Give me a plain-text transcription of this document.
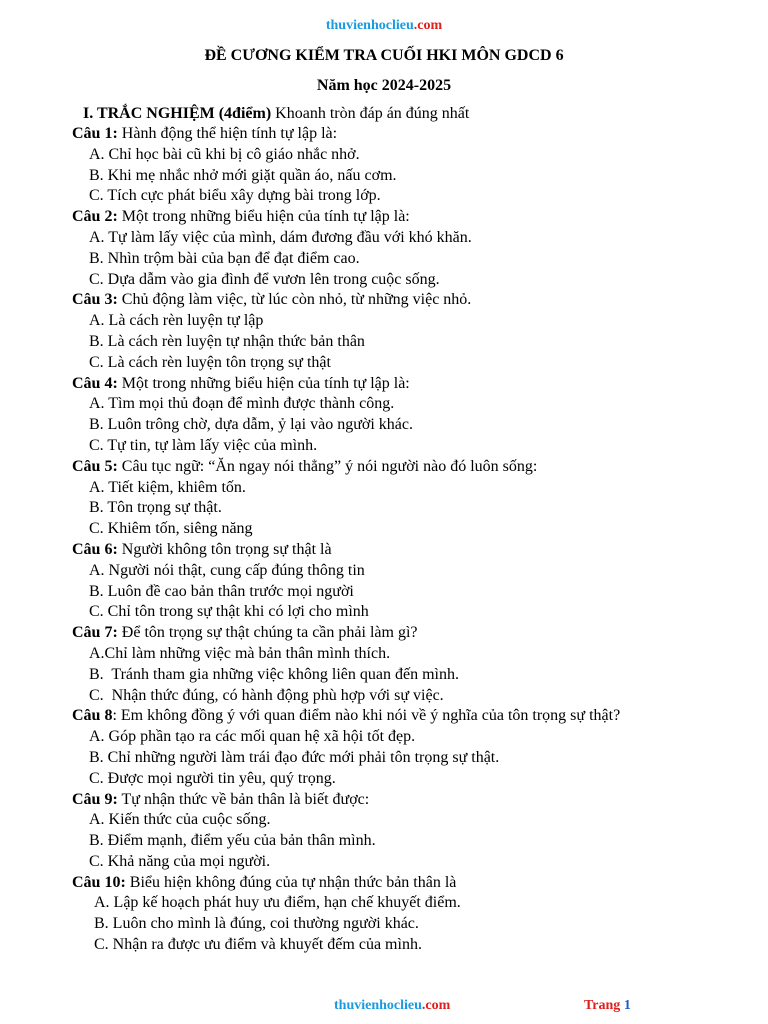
thuvienhoclieu.com
ĐỀ CƯƠNG KIỂM TRA CUỐI HKI MÔN GDCD 6
Năm học 2024-2025
I. TRẮC NGHIỆM (4điểm) Khoanh tròn đáp án đúng nhất
Câu 1: Hành động thể hiện tính tự lập là:
A. Chỉ học bài cũ khi bị cô giáo nhắc nhở.
B. Khi mẹ nhắc nhở mới giặt quần áo, nấu cơm.
C. Tích cực phát biểu xây dựng bài trong lớp.
Câu 2: Một trong những biểu hiện của tính tự lập là:
A. Tự làm lấy việc của mình, dám đương đầu với khó khăn.
B. Nhìn trộm bài của bạn để đạt điểm cao.
C. Dựa dẫm vào gia đình để vươn lên trong cuộc sống.
Câu 3: Chủ động làm việc, từ lúc còn nhỏ, từ những việc nhỏ.
A. Là cách rèn luyện tự lập
B. Là cách rèn luyện tự nhận thức bản thân
C. Là cách rèn luyện tôn trọng sự thật
Câu 4: Một trong những biểu hiện của tính tự lập là:
A. Tìm mọi thủ đoạn để mình được thành công.
B. Luôn trông chờ, dựa dẫm, ỷ lại vào người khác.
C. Tự tin, tự làm lấy việc của mình.
Câu 5: Câu tục ngữ: “Ăn ngay nói thẳng” ý nói người nào đó luôn sống:
A. Tiết kiệm, khiêm tốn.
B. Tôn trọng sự thật.
C. Khiêm tốn, siêng năng
Câu 6: Người không tôn trọng sự thật là
A. Người nói thật, cung cấp đúng thông tin
B. Luôn đề cao bản thân trước mọi người
C. Chỉ tôn trong sự thật khi có lợi cho mình
Câu 7: Để tôn trọng sự thật chúng ta cần phải làm gì?
A.Chỉ làm những việc mà bản thân mình thích.
B.  Tránh tham gia những việc không liên quan đến mình.
C.  Nhận thức đúng, có hành động phù hợp với sự việc.
Câu 8: Em không đồng ý với quan điểm nào khi nói về ý nghĩa của tôn trọng sự thật?
A. Góp phần tạo ra các mối quan hệ xã hội tốt đẹp.
B. Chỉ những người làm trái đạo đức mới phải tôn trọng sự thật.
C. Được mọi người tin yêu, quý trọng.
Câu 9: Tự nhận thức về bản thân là biết được:
A. Kiến thức của cuộc sống.
B. Điểm mạnh, điểm yếu của bản thân mình.
C. Khả năng của mọi người.
Câu 10: Biểu hiện không đúng của tự nhận thức bản thân là
A. Lập kế hoạch phát huy ưu điểm, hạn chế khuyết điểm.
B. Luôn cho mình là đúng, coi thường người khác.
C. Nhận ra được ưu điểm và khuyết đếm của mình.
thuvienhoclieu.com	Trang 1
